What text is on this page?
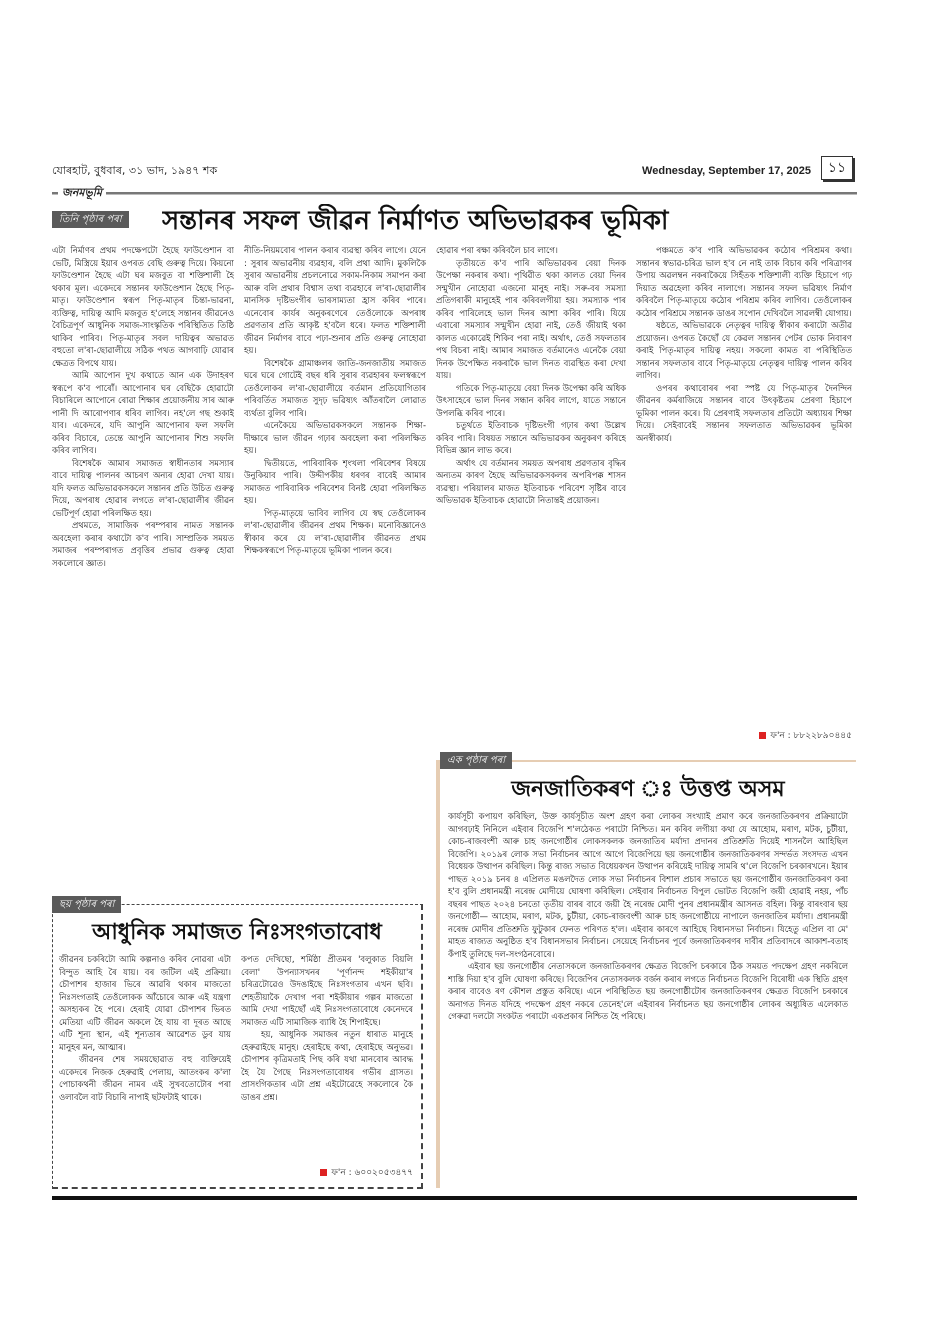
যোৰহাট, বুধবাৰ, ৩১ ভাদ, ১৯৪৭ শক	Wednesday, September 17, 2025	১১
জনমভূমি
তিনি পৃষ্ঠাৰ পৰা সন্তানৰ সফল জীৱন নিৰ্মাণত অভিভাৱকৰ ভূমিকা

এটা নিৰ্মাণৰ প্ৰথম পদক্ষেপটো হৈছে ফাউণ্ডেশান বা ভেটি, মিস্ত্ৰিয়ে ইয়াৰ ওপৰত বেছি গুৰুত্ব দিয়ে। কিয়নো ফাউণ্ডেশান হৈছে এটা ঘৰ মজবুত বা শক্তিশালী হৈ থকাৰ মূল। একেদৰে সন্তানৰ ফাউণ্ডেশান হৈছে পিতৃ-মাতৃ। ফাউণ্ডেশান স্বৰূপ পিতৃ-মাতৃৰ চিন্তা-ভাৱনা, ব্যক্তিত্ব, দায়িত্ব আদি মজবুত হ'লেহে সন্তানৰ জীৱনেও বৈচিত্ৰপূৰ্ণ আধুনিক সমাজ-সাংস্কৃতিক পৰিস্থিতিত তিষ্ঠি থাকিব পাৰিব। পিতৃ-মাতৃৰ সবল দায়িত্বৰ অভাৱত বহুতো ল'ৰা-ছোৱালীয়ে সঠিক পথত আগবাঢ়ি যোৱাৰ ক্ষেত্ৰত বিপথে যায়।

আমি আপোন দুখ কথাতে আন এক উদাহৰণ স্বৰূপে ক'ব পাৰোঁ। আপোনাৰ ঘৰ বেছিকৈ হোৱাটো বিচাৰিলে আপোনে ৰোৱা শিক্ষাৰ প্ৰয়োজনীয় সাৰ আৰু পানী দি আৰোপণাৰ ধৰিব লাগিব। নহ'লে গছ শুকাই যাব। একেদৰে, যদি আপুনি আপোনাৰ ফল সফলি কৰিব বিচাৰে, তেন্তে আপুনি আপোনাৰ শিশু সফলি কৰিব লাগিব।

বিশেষকৈ আমাৰ সমাজত স্বাধীনতাৰ সমস্যাৰ বাবে দায়িত্ব পালনৰ আচৰণ অন্যৰ হোৱা দেখা যায়। যদি ফলত অভিভাৱকসকলে সন্তানৰ প্ৰতি উচিত গুৰুত্ব দিয়ে, অপৰাধ হোৱাৰ লগতে ল'ৰা-ছোৱালীৰ জীৱন ভেটিপূৰ্ণ হোৱা পৰিলক্ষিত হয়।

প্ৰথমতে, সামাজিক পৰম্পৰাৰ নামত সন্তানক অবহেলা কৰাৰ কথাটো ক'ব পাৰি। সাম্প্ৰতিক সময়ত সমাজৰ পৰম্পৰাগত প্ৰবৃত্তিৰ প্ৰভাৱ গুৰুত্ব হোৱা সকলোৰে জ্ঞাত।

নীতি-নিয়মবোৰ পালন কৰাৰ ব্যৱস্থা কৰিব লাগে। যেনে : সুৰাৰ অভাৱনীয় ব্যৱহাৰ, বলি প্ৰথা আদি। মুকলিকৈ সুৰাৰ অভাৱনীয় প্ৰচলনোৱে সকাম-নিকাম সমাপন কৰা আৰু বলি প্ৰথাৰ বিশ্বাস তথা ব্যৱহাৰে ল'ৰা-ছোৱালীৰ মানসিক দৃষ্টিভংগীৰ ভাৰসাম্যতা হ্ৰাস কৰিব পাৰে। এনেবোৰ কাৰ্যৰ অনুকৰণেৰে তেওঁলোকে অপৰাধ প্ৰৱণতাৰ প্ৰতি আকৃষ্ট হ'বলৈ ধৰে। ফলত শক্তিশালী জীৱন নিৰ্মাণৰ বাবে পঢ়া-শুনাৰ প্ৰতি গুৰুত্ব নোহোৱা হয়।

বিশেষকৈ গ্ৰামাঞ্চলৰ জাতি-জনজাতীয় সমাজত ঘৰে ঘৰে গোটেই বছৰ ধৰি সুৰাৰ ব্যৱহাৰৰ ফলস্বৰূপে তেওঁলোকৰ ল'ৰা-ছোৱালীয়ে বৰ্তমান প্ৰতিযোগিতাৰ পৰিবৰ্তিত সমাজত সুদৃঢ় ভৱিষ্যৎ আঁতৰালৈ লোৱাত ব্যৰ্থতা বুলিব পাৰি।

এনেকৈয়ে অভিভাৱকসকলে সন্তানক শিক্ষা-দীক্ষাৰে ভাল জীৱন গঢ়াৰ অবহেলা কৰা পৰিলক্ষিত হয়।

দ্বিতীয়তে, পাৰিবাৰিক শৃংখলা পৰিবেশৰ বিষয়ে উনুকিয়াব পাৰি। উদ্দীপকীয় ধৰণৰ বাবেই আমাৰ সমাজত পাৰিবাৰিক পৰিবেশৰ বিনষ্ট হোৱা পৰিলক্ষিত হয়।

পিতৃ-মাতৃয়ে ভাবিব লাগিব যে স্বছ তেওঁলোকৰ ল'ৰা-ছোৱালীৰ জীৱনৰ প্ৰথম শিক্ষক। মনোবিজ্ঞানেও স্বীকাৰ কৰে যে ল'ৰা-ছোৱালীৰ জীৱনত প্ৰথম শিক্ষকস্বৰূপে পিতৃ-মাতৃয়ে ভূমিকা পালন কৰে।

হোৱাৰ পৰা ৰক্ষা কৰিবলৈ চাব লাগে।

তৃতীয়তে ক'ব পাৰি অভিভাৱকৰ বেয়া দিনক উপেক্ষা নকৰাৰ কথা। পৃথিৱীত থকা কালত বেয়া দিনৰ সন্মুখীন নোহোৱা এজনো মানুহ নাই। সৰু-বৰ সমস্যা প্ৰতিগৰাকী মানুহেই পাৰ কৰিবলগীয়া হয়। সমস্যাক পাৰ কৰিব পাৰিলেহে ভাল দিনৰ আশা কৰিব পাৰি। যিয়ে এবাৰো সমস্যাৰ সন্মুখীন হোৱা নাই, তেওঁ জীয়াই থকা কালত একোৱেই শিকিব পৰা নাই। অৰ্থাৎ, তেওঁ সফলতাৰ পথ বিচৰা নাই। আমাৰ সমাজত বৰ্তমানেও এনেকৈ বেয়া দিনক উপেক্ষিত নকৰাকৈ ভাল দিনত ব্যৱস্থিত কৰা দেখা যায়।

গতিকে পিতৃ-মাতৃয়ে বেয়া দিনক উপেক্ষা কৰি অধিক উৎসাহেৰে ভাল দিনৰ সন্ধান কৰিব লাগে, যাতে সন্তানে উপলব্ধি কৰিব পাৰে।

চতুৰ্থতে ইতিবাচক দৃষ্টিভংগী গঢ়াৰ কথা উল্লেখ কৰিব পাৰি। বিষয়ত সন্তানে অভিভাৱকৰ অনুকৰণ কৰিহে বিভিন্ন জ্ঞান লাভ কৰে।

অৰ্থাৎ যে বৰ্তমানৰ সময়ত অপৰাধ প্ৰৱণতাৰ বৃদ্ধিৰ অন্যতম কাৰণ হৈছে অভিভাৱকসকলৰ অপৰিপক্ক শাসন ব্যৱস্থা। পৰিয়ালৰ মাজত ইতিবাচক পৰিবেশ সৃষ্টিৰ বাবে অভিভাৱক ইতিবাচক হোৱাটো নিতান্তই প্ৰয়োজন।

পঞ্চমতে ক'ব পাৰি অভিভাৱকৰ কঠোৰ পৰিশ্ৰমৰ কথা। সন্তানৰ স্বভাৱ-চৰিত্ৰ ভাল হ'ব নে নাই তাক বিচাৰ কৰি পৰিত্ৰাণৰ উপায় অৱলম্বন নকৰাকৈয়ে সিহঁতক শক্তিশালী ব্যক্তি হিচাপে গঢ় দিয়াত অৱহেলা কৰিব নালাগে। সন্তানৰ সফল ভৱিষ্যৎ নিৰ্মাণ কৰিবলৈ পিতৃ-মাতৃয়ে কঠোৰ পৰিশ্ৰম কৰিব লাগিব। তেওঁলোকৰ কঠোৰ পৰিশ্ৰমে সন্তানক ডাঙৰ সপোন দেখিবলৈ সাৱলম্বী যোগায়।

ষষ্ঠতে, অভিভাৱকে নেতৃত্বৰ দায়িত্ব স্বীকাৰ কৰাটো অতীৱ প্ৰয়োজন। ওপৰত কৈছোঁ যে কেৱল সন্তানৰ পেটৰ ভোক নিবাৰণ কৰাই পিতৃ-মাতৃৰ দায়িত্ব নহয়। সকলো কামত বা পৰিস্থিতিত সন্তানৰ সফলতাৰ বাবে পিতৃ-মাতৃয়ে নেতৃত্বৰ দায়িত্ব পালন কৰিব লাগিব।

ওপৰৰ কথাবোৰৰ পৰা স্পষ্ট যে পিতৃ-মাতৃৰ দৈনন্দিন জীৱনৰ কৰ্মৰাজিয়ে সন্তানৰ বাবে উৎকৃষ্টতম প্ৰেৰণা হিচাপে ভূমিকা পালন কৰে। যি প্ৰেৰণাই সফলতাৰ প্ৰতিটো অধ্যায়ৰ শিক্ষা দিয়ে। সেইবাবেই সন্তানৰ সফলতাত অভিভাৱকৰ ভূমিকা অনস্বীকাৰ্য।

ফ'ন : ৮৮২২৮৯০৪৪৫
ছয় পৃষ্ঠাৰ পৰা
আধুনিক সমাজত নিঃসংগতাবোধ

জীৱনৰ চকৰিটো আমি কল্পনাও কৰিব নোৱৰা এটা বিন্দুত আহি ৰৈ যায়। বৰ জটিল এই প্ৰক্ৰিয়া। চৌপাশৰ হাজাৰ ভিৰে আৱৰি থকাৰ মাজতো নিঃসংগতাই তেওঁলোকক আঁচোৰে আৰু এই যন্ত্ৰণা অসহ্যকৰ হৈ পৰে। হেৰাই যোৱা চৌপাশৰ ভিৰত মেতিয়া এটি জীৱন অকলে হৈ যায় বা দূৰত আছে এটি শূন্য স্থান, এই শূন্যতাৰ আৱেশত ডুব যায় মানুহৰ মন, আত্মাৰ।

জীৱনৰ শেষ সময়ছোৱাত বহু ব্যক্তিয়েই একেদৰে নিজক হেৰুৱাই পেলায়, আতংকৰ ক'লা পোচাকথনী জীৱন নামৰ এই সুখবতোটোৰ পৰা ওলাবলৈ বাট বিচাৰি নাপাই ছটফটাই থাকে।

কপত দেখিছো, শৰ্মিষ্ঠা প্ৰীতমৰ 'বলুকাত বিয়লি বেলা' উপন্যাসখনৰ 'পূৰ্ণানন্দ শইকীয়া'ৰ চৰিত্ৰটোৱেও উদঙাইছে নিঃসংগতাৰ এখন ছবি। শেহতীয়াকৈ দেখাগ পৰা শইকীয়াৰ গল্পৰ মাজতো আমি দেখা পাইছোঁ এই নিঃসংগতাবোধে কেনেদৰে সমাজত এটি সামাজিক ব্যাধি হৈ শিপাইছে।

হয়, আধুনিক সমাজৰ নতুন ধাৰাত মানুহে হেৰুৱাইছে মানুহ। হেৰাইছে কথা, হেৰাইছে অনুভৱ। চৌপাশৰ কৃত্ৰিমতাই পিছ কৰি যথা মানবোৰ আবদ্ধ হৈ যৈ গৈছে নিঃসংগতাবোধৰ গভীৰ গ্ৰাসত। প্ৰাসংগিকতাৰ এটা প্ৰশ্ন এইটোৱেহে সকলোৰে কৈ ডাঙৰ প্ৰশ্ন।

ফ'ন : ৬০০২০৫৩৪৭৭
এক পৃষ্ঠাৰ পৰা
জনজাতিকৰণ ঃ উত্তপ্ত অসম

কাৰ্যসূচী কপায়ণ কৰিছিল, উক্ত কাৰ্যসূচীত অংশ গ্ৰহণ কৰা লোকৰ সংখ্যাই প্ৰমাণ কৰে জনজাতিকৰণৰ প্ৰক্ৰিয়াটো আগবঢ়াই নিনিলে এইবাৰ বিজেপি শ'লঠেকত পৰাটো নিশ্চিত। মন কৰিব লগীয়া কথা যে আহোম, মৰাণ, মটক, চুটীয়া, কোচ-ৰাজবংশী আৰু চাহ জনগোষ্ঠীৰ লোকসকলক জনজাতিৰ মৰ্যাদা প্ৰদানৰ প্ৰতিশ্ৰুতি দিয়েই শাসনলৈ আহিছিল বিজেপি। ২০১৯ৰ লোক সভা নিৰ্বাচনৰ আগে আগে বিজেপিয়ে ছয় জনগোষ্ঠীৰ জনজাতিকৰণৰ সন্দৰ্ভত সংসদত এখন বিধেয়ক উত্থাপন কৰিছিল। কিন্তু ৰাজ্য সভাত বিধেয়কখন উত্থাপন কৰিয়েই দায়িত্ব সামৰি থ'লে বিজেপি চৰকাৰখনে। ইয়াৰ পাছত ২০১৯ চনৰ ৪ এপ্ৰিলত মঙলদৈত লোক সভা নিৰ্বাচনৰ বিশাল প্ৰচাৰ সভাতে ছয় জনগোষ্ঠীৰ জনজাতিকৰণ কৰা হ'ব বুলি প্ৰধানমন্ত্ৰী নৰেন্দ্ৰ মোদীয়ে ঘোষণা কৰিছিল। সেইবাৰ নিৰ্বাচনত বিপুল ভোটত বিজেপি জয়ী হোৱাই নহয়, পাঁচ বছৰৰ পাছত ২০২৪ চনতো তৃতীয় বাৰৰ বাবে জয়ী হৈ নৰেন্দ্ৰ মোদী পুনৰ প্ৰধানমন্ত্ৰীৰ আসনত বহিল। কিন্তু বাৰংবাৰ ছয় জনগোষ্ঠী— আহোম, মৰাণ, মটক, চুটীয়া, কোচ-ৰাজবংশী আৰু চাহ জনগোষ্ঠীয়ে নাপালে জনজাতিৰ মৰ্যাদা। প্ৰধানমন্ত্ৰী নৰেন্দ্ৰ মোদীৰ প্ৰতিশ্ৰুতি ফুটুকাৰ ফেনত পৰিণত হ'ল। এইবাৰ কাৰণে আহিছে বিধানসভা নিৰ্বাচন। যিহেতু এপ্ৰিল বা মে' মাহত ৰাজ্যত অনুষ্ঠিত হ'ব বিধানসভাৰ নিৰ্বাচন। সেয়েহে নিৰ্বাচনৰ পূৰ্বে জনজাতিকৰণৰ দাবীৰ প্ৰতিবাদৰে আকাশ-বতাহ কঁপাই তুলিছে দল-সংগঠনবোৰে।

এইবাৰ ছয় জনগোষ্ঠীৰ নেতাসকলে জনজাতিকৰণৰ ক্ষেত্ৰত বিজেপি চৰকাৰে ঠিক সময়ত পদক্ষেপ গ্ৰহণ নকৰিলে শাস্তি দিয়া হ'ব বুলি ঘোষণা কৰিছে। বিজেপিৰ নেতাসকলক বৰ্জন কৰাৰ লগতে নিৰ্বাচনত বিজেপি বিৰোধী এক স্থিতি গ্ৰহণ কৰাৰ বাবেও ৰণ কৌশল প্ৰস্তুত কৰিছে। এনে পৰিস্থিতিত ছয় জনগোষ্ঠীটোৰ জনজাতিকৰণৰ ক্ষেত্ৰত বিজেপি চৰকাৰে অনাগত দিনত যদিহে পদক্ষেপ গ্ৰহণ নকৰে তেনেহ'লে এইবাৰৰ নিৰ্বাচনত ছয় জনগোষ্ঠীৰ লোকৰ অধ্যুষিত এলেকাত গেৰুৱা দলটো সংকটত পৰাটো একপ্ৰকাৰ নিশ্চিত হৈ পৰিছে।
